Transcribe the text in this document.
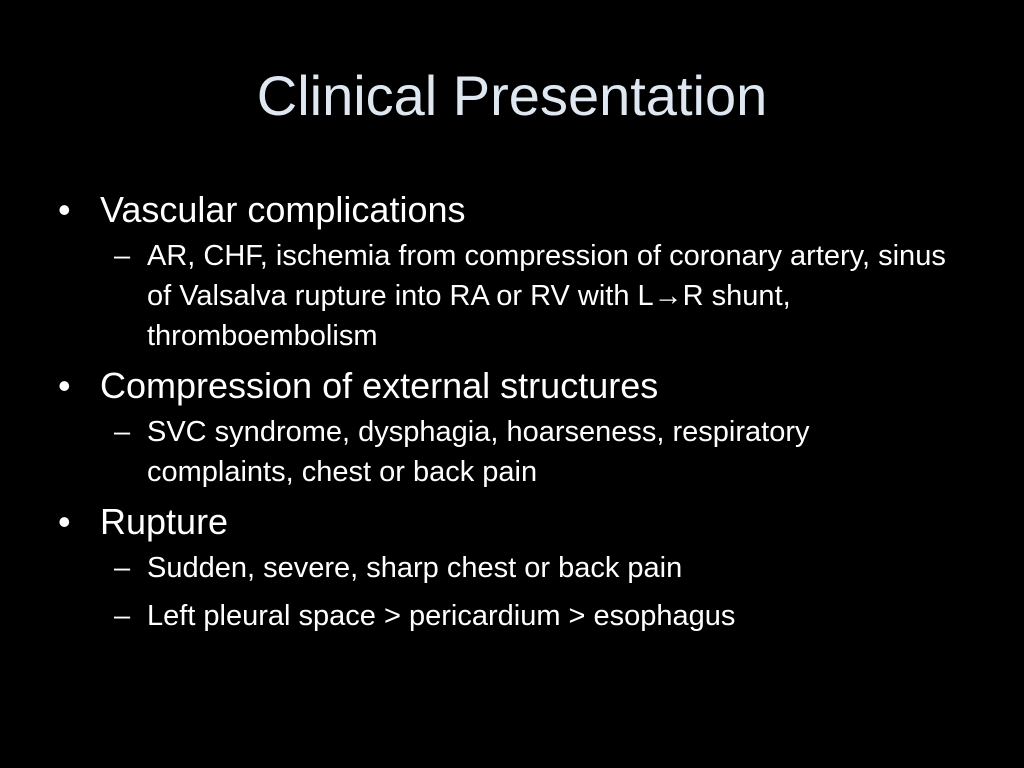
Clinical Presentation
• Vascular complications
– AR, CHF, ischemia from compression of coronary artery, sinus of Valsalva rupture into RA or RV with L→R shunt, thromboembolism
• Compression of external structures
– SVC syndrome, dysphagia, hoarseness, respiratory complaints, chest or back pain
• Rupture
– Sudden, severe, sharp chest or back pain
– Left pleural space > pericardium > esophagus
